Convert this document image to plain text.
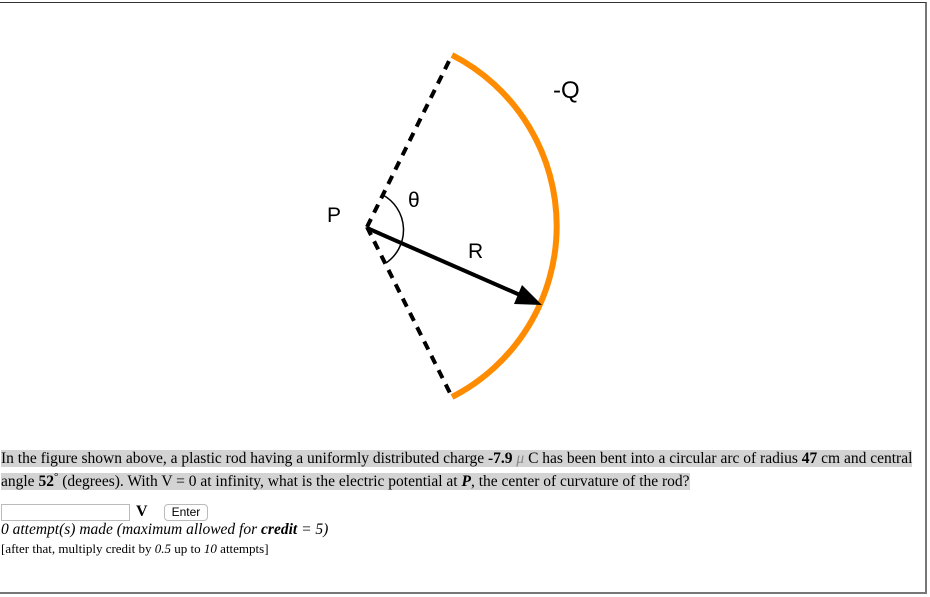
-Q
P
θ
R
In the figure shown above, a plastic rod having a uniformly distributed charge -7.9 μ C has been bent into a circular arc of radius 47 cm and central angle 52° (degrees). With V = 0 at infinity, what is the electric potential at P, the center of curvature of the rod?
V	Enter
0 attempt(s) made (maximum allowed for credit = 5)
[after that, multiply credit by 0.5 up to 10 attempts]
